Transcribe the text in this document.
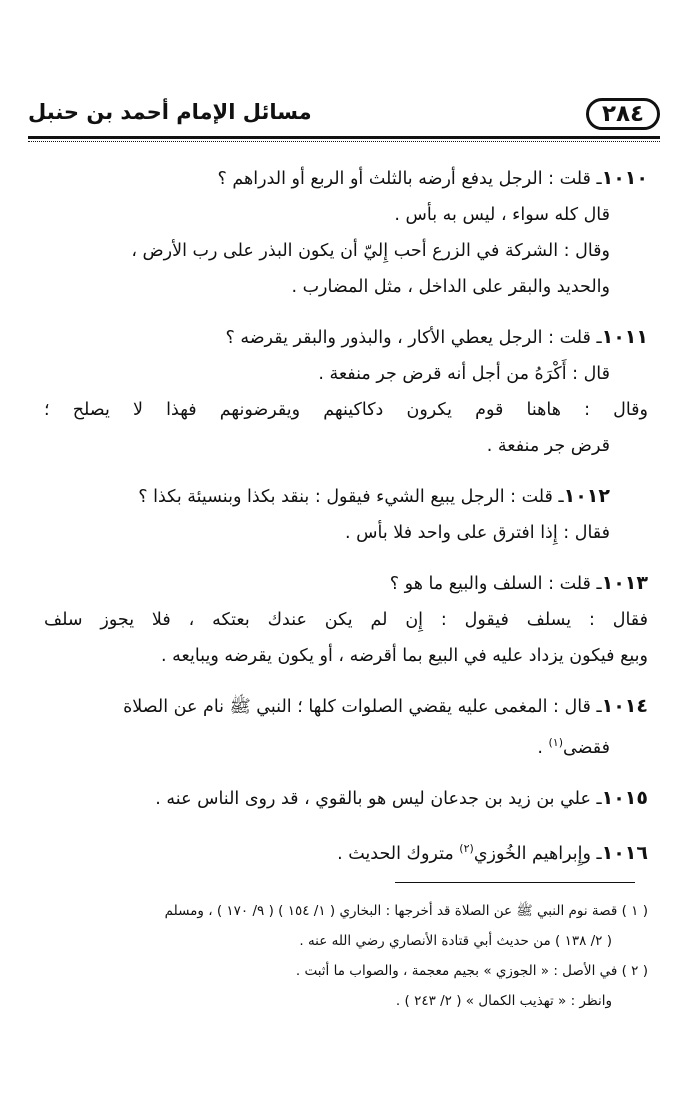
٢٨٤
مسائل الإمام أحمد بن حنبل
١٠١٠ـ قلت : الرجل يدفع أرضه بالثلث أو الربع أو الدراهم ؟
قال كله سواء ، ليس به بأس .
وقال : الشركة في الزرع أحب إِليّ أن يكون البذر على رب الأرض ،
والحديد والبقر على الداخل ، مثل المضارب .
١٠١١ـ قلت : الرجل يعطي الأكار ، والبذور والبقر يقرضه ؟
قال : أَكْرَهُ من أجل أنه قرض جر منفعة .
وقال : هاهنا قوم يكرون دكاكينهم ويقرضونهم فهذا لا يصلح ؛
قرض جر منفعة .
١٠١٢ـ قلت : الرجل يبيع الشيء فيقول : بنقد بكذا وبنسيئة بكذا ؟
فقال : إِذا افترق على واحد فلا بأس .
١٠١٣ـ قلت : السلف والبيع ما هو ؟
فقال : يسلف فيقول : إِن لم يكن عندك بعتكه ، فلا يجوز سلف
وبيع فيكون يزداد عليه في البيع بما أقرضه ، أو يكون يقرضه ويبايعه .
١٠١٤ـ قال : المغمى عليه يقضي الصلوات كلها ؛ النبي ﷺ نام عن الصلاة
فقضى$^{(١)}$ .
١٠١٥ـ علي بن زيد بن جدعان ليس هو بالقوي ، قد روى الناس عنه .
١٠١٦ـ وإِبراهيم الخُوزي$^{(٢)}$ متروك الحديث .
( ١ ) قصة نوم النبي ﷺ عن الصلاة قد أخرجها : البخاري ( ١/ ١٥٤ ) ( ٩/ ١٧٠ ) ، ومسلم
( ٢/ ١٣٨ ) من حديث أبي قتادة الأنصاري رضي الله عنه .
( ٢ ) في الأصل : « الجوزي » بجيم معجمة ، والصواب ما أثبت .
وانظر : « تهذيب الكمال » ( ٢/ ٢٤٣ ) .
